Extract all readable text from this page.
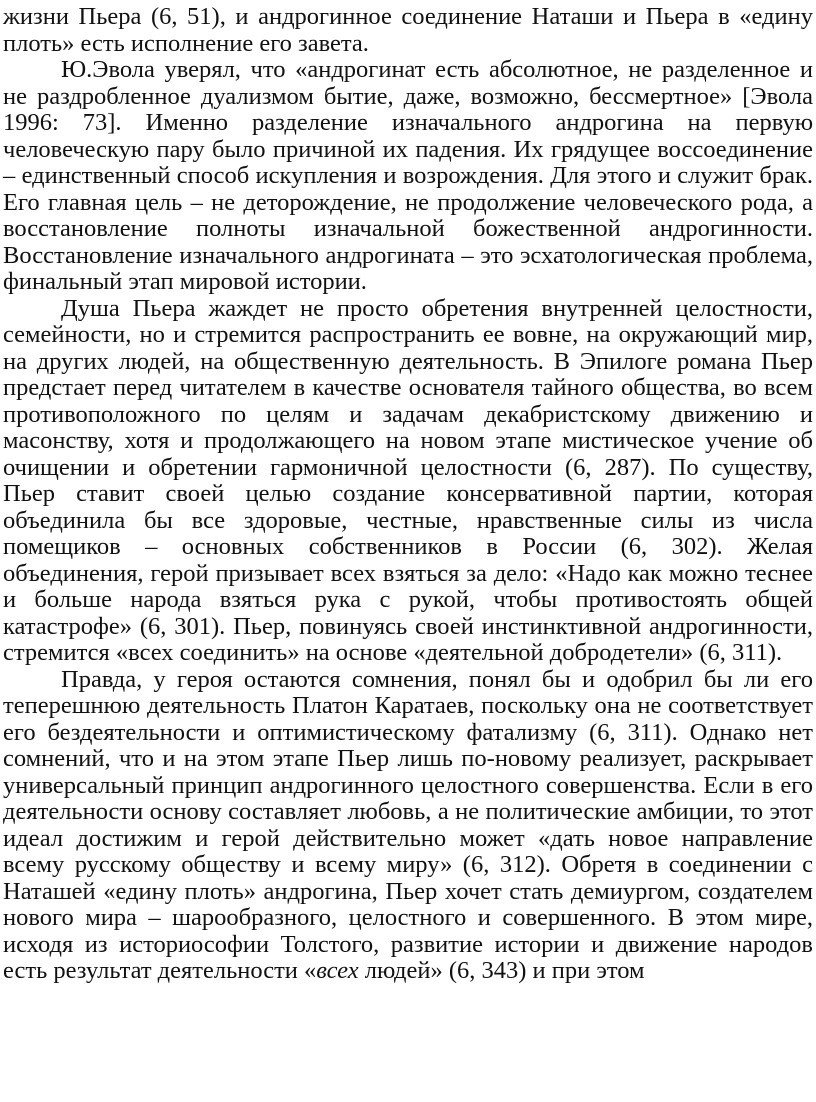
жизни Пьера (6, 51), и андрогинное соединение Наташи и Пьера в «едину плоть» есть исполнение его завета.

Ю.Эвола уверял, что «андрогинат есть абсолютное, не разделенное и не раздробленное дуализмом бытие, даже, возможно, бессмертное» [Эвола 1996: 73]. Именно разделение изначального андрогина на первую человеческую пару было причиной их падения. Их грядущее воссоединение – единственный способ искупления и возрождения. Для этого и служит брак. Его главная цель – не деторождение, не продолжение человеческого рода, а восстановление полноты изначальной божественной андрогинности. Восстановление изначального андрогината – это эсхатологическая проблема, финальный этап мировой истории.

Душа Пьера жаждет не просто обретения внутренней целостности, семейности, но и стремится распространить ее вовне, на окружающий мир, на других людей, на общественную деятельность. В Эпилоге романа Пьер предстает перед читателем в качестве основателя тайного общества, во всем противоположного по целям и задачам декабристскому движению и масонству, хотя и продолжающего на новом этапе мистическое учение об очищении и обретении гармоничной целостности (6, 287). По существу, Пьер ставит своей целью создание консервативной партии, которая объединила бы все здоровые, честные, нравственные силы из числа помещиков – основных собственников в России (6, 302). Желая объединения, герой призывает всех взяться за дело: «Надо как можно теснее и больше народа взяться рука с рукой, чтобы противостоять общей катастрофе» (6, 301). Пьер, повинуясь своей инстинктивной андрогинности, стремится «всех соединить» на основе «деятельной добродетели» (6, 311).

Правда, у героя остаются сомнения, понял бы и одобрил бы ли его теперешнюю деятельность Платон Каратаев, поскольку она не соответствует его бездеятельности и оптимистическому фатализму (6, 311). Однако нет сомнений, что и на этом этапе Пьер лишь по-новому реализует, раскрывает универсальный принцип андрогинного целостного совершенства. Если в его деятельности основу составляет любовь, а не политические амбиции, то этот идеал достижим и герой действительно может «дать новое направление всему русскому обществу и всему миру» (6, 312). Обретя в соединении с Наташей «едину плоть» андрогина, Пьер хочет стать демиургом, создателем нового мира – шарообразного, целостного и совершенного. В этом мире, исходя из историософии Толстого, развитие истории и движение народов есть результат деятельности «всех людей» (6, 343) и при этом
